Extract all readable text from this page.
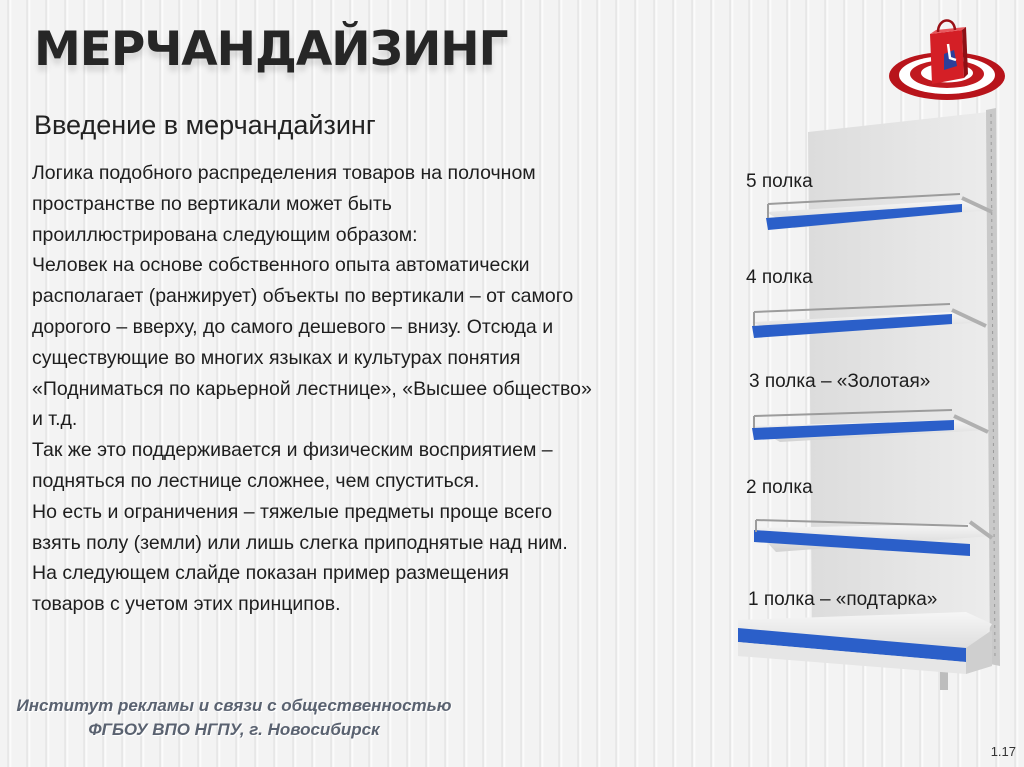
МЕРЧАНДАЙЗИНГ
Введение в мерчандайзинг

Логика подобного распределения товаров на полочном

пространстве по вертикали может быть

проиллюстрирована следующим образом:

Человек на основе собственного опыта автоматически

располагает (ранжирует) объекты по вертикали – от самого

дорогого – вверху, до самого дешевого – внизу. Отсюда и

существующие во многих языках и культурах понятия

«Подниматься по карьерной лестнице», «Высшее общество»

и т.д.

Так же это поддерживается и физическим восприятием –

подняться по лестнице сложнее, чем спуститься.

Но есть и ограничения – тяжелые предметы проще всего

взять полу (земли) или лишь слегка приподнятые над ним.

На следующем слайде показан пример размещения

товаров с учетом этих принципов.

5 полка
4 полка
3 полка – «Золотая»
2 полка
1 полка – «подтарка»
Институт рекламы и связи с общественностью
ФГБОУ ВПО НГПУ, г. Новосибирск
1.17
